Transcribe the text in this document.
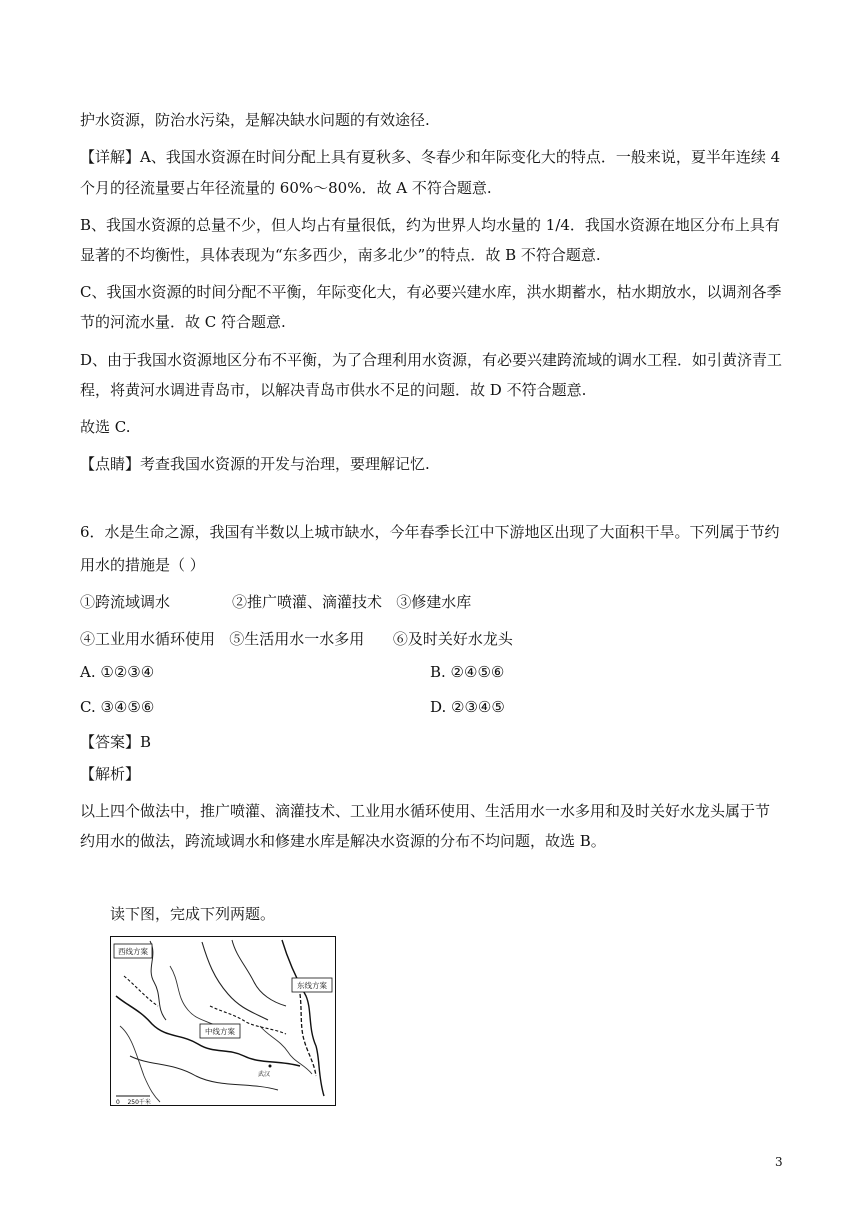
护水资源，防治水污染，是解决缺水问题的有效途径.
【详解】A、我国水资源在时间分配上具有夏秋多、冬春少和年际变化大的特点．一般来说，夏半年连续 4
个月的径流量要占年径流量的 60%～80%．故 A 不符合题意.
B、我国水资源的总量不少，但人均占有量很低，约为世界人均水量的 1/4．我国水资源在地区分布上具有
显著的不均衡性，具体表现为“东多西少，南多北少”的特点．故 B 不符合题意.
C、我国水资源的时间分配不平衡，年际变化大，有必要兴建水库，洪水期蓄水，枯水期放水，以调剂各季
节的河流水量．故 C 符合题意.
D、由于我国水资源地区分布不平衡，为了合理利用水资源，有必要兴建跨流域的调水工程．如引黄济青工
程，将黄河水调进青岛市，以解决青岛市供水不足的问题．故 D 不符合题意.
故选 C.
【点睛】考查我国水资源的开发与治理，要理解记忆.
6．水是生命之源，我国有半数以上城市缺水，今年春季长江中下游地区出现了大面积干旱。下列属于节约
用水的措施是（ ）
①跨流域调水             ②推广喷灌、滴灌技术   ③修建水库
④工业用水循环使用   ⑤生活用水一水多用      ⑥及时关好水龙头
A. ①②③④	B. ②④⑤⑥
C. ③④⑤⑥	D. ②③④⑤
【答案】B
【解析】
以上四个做法中，推广喷灌、滴灌技术、工业用水循环使用、生活用水一水多用和及时关好水龙头属于节
约用水的做法，跨流域调水和修建水库是解决水资源的分布不均问题，故选 B。
读下图，完成下列两题。
西线方案
中线方案
东线方案
武汉
0    250千米
3
